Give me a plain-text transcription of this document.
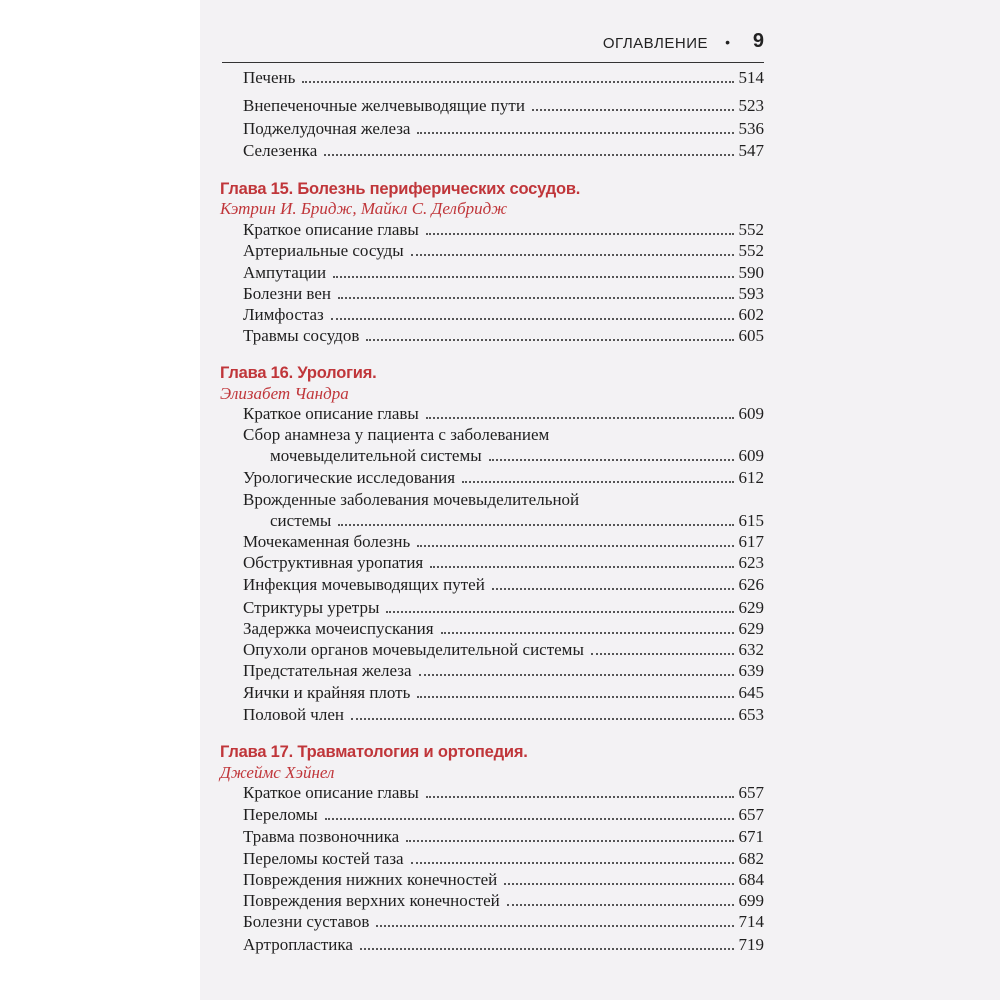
ОГЛАВЛЕНИЕ • 9
Печень	514
Внепеченочные желчевыводящие пути	523
Поджелудочная железа	536
Селезенка	547
Глава 15. Болезнь периферических сосудов.
Кэтрин И. Бридж, Майкл С. Делбридж
Краткое описание главы	552
Артериальные сосуды	552
Ампутации	590
Болезни вен	593
Лимфостаз	602
Травмы сосудов	605
Глава 16. Урология.
Элизабет Чандра
Краткое описание главы	609
Сбор анамнеза у пациента с заболеванием
мочевыделительной системы	609
Урологические исследования	612
Врожденные заболевания мочевыделительной
системы	615
Мочекаменная болезнь	617
Обструктивная уропатия	623
Инфекция мочевыводящих путей	626
Стриктуры уретры	629
Задержка мочеиспускания	629
Опухоли органов мочевыделительной системы	632
Предстательная железа	639
Яички и крайняя плоть	645
Половой член	653
Глава 17. Травматология и ортопедия.
Джеймс Хэйнел
Краткое описание главы	657
Переломы	657
Травма позвоночника	671
Переломы костей таза	682
Повреждения нижних конечностей	684
Повреждения верхних конечностей	699
Болезни суставов	714
Артропластика	719
